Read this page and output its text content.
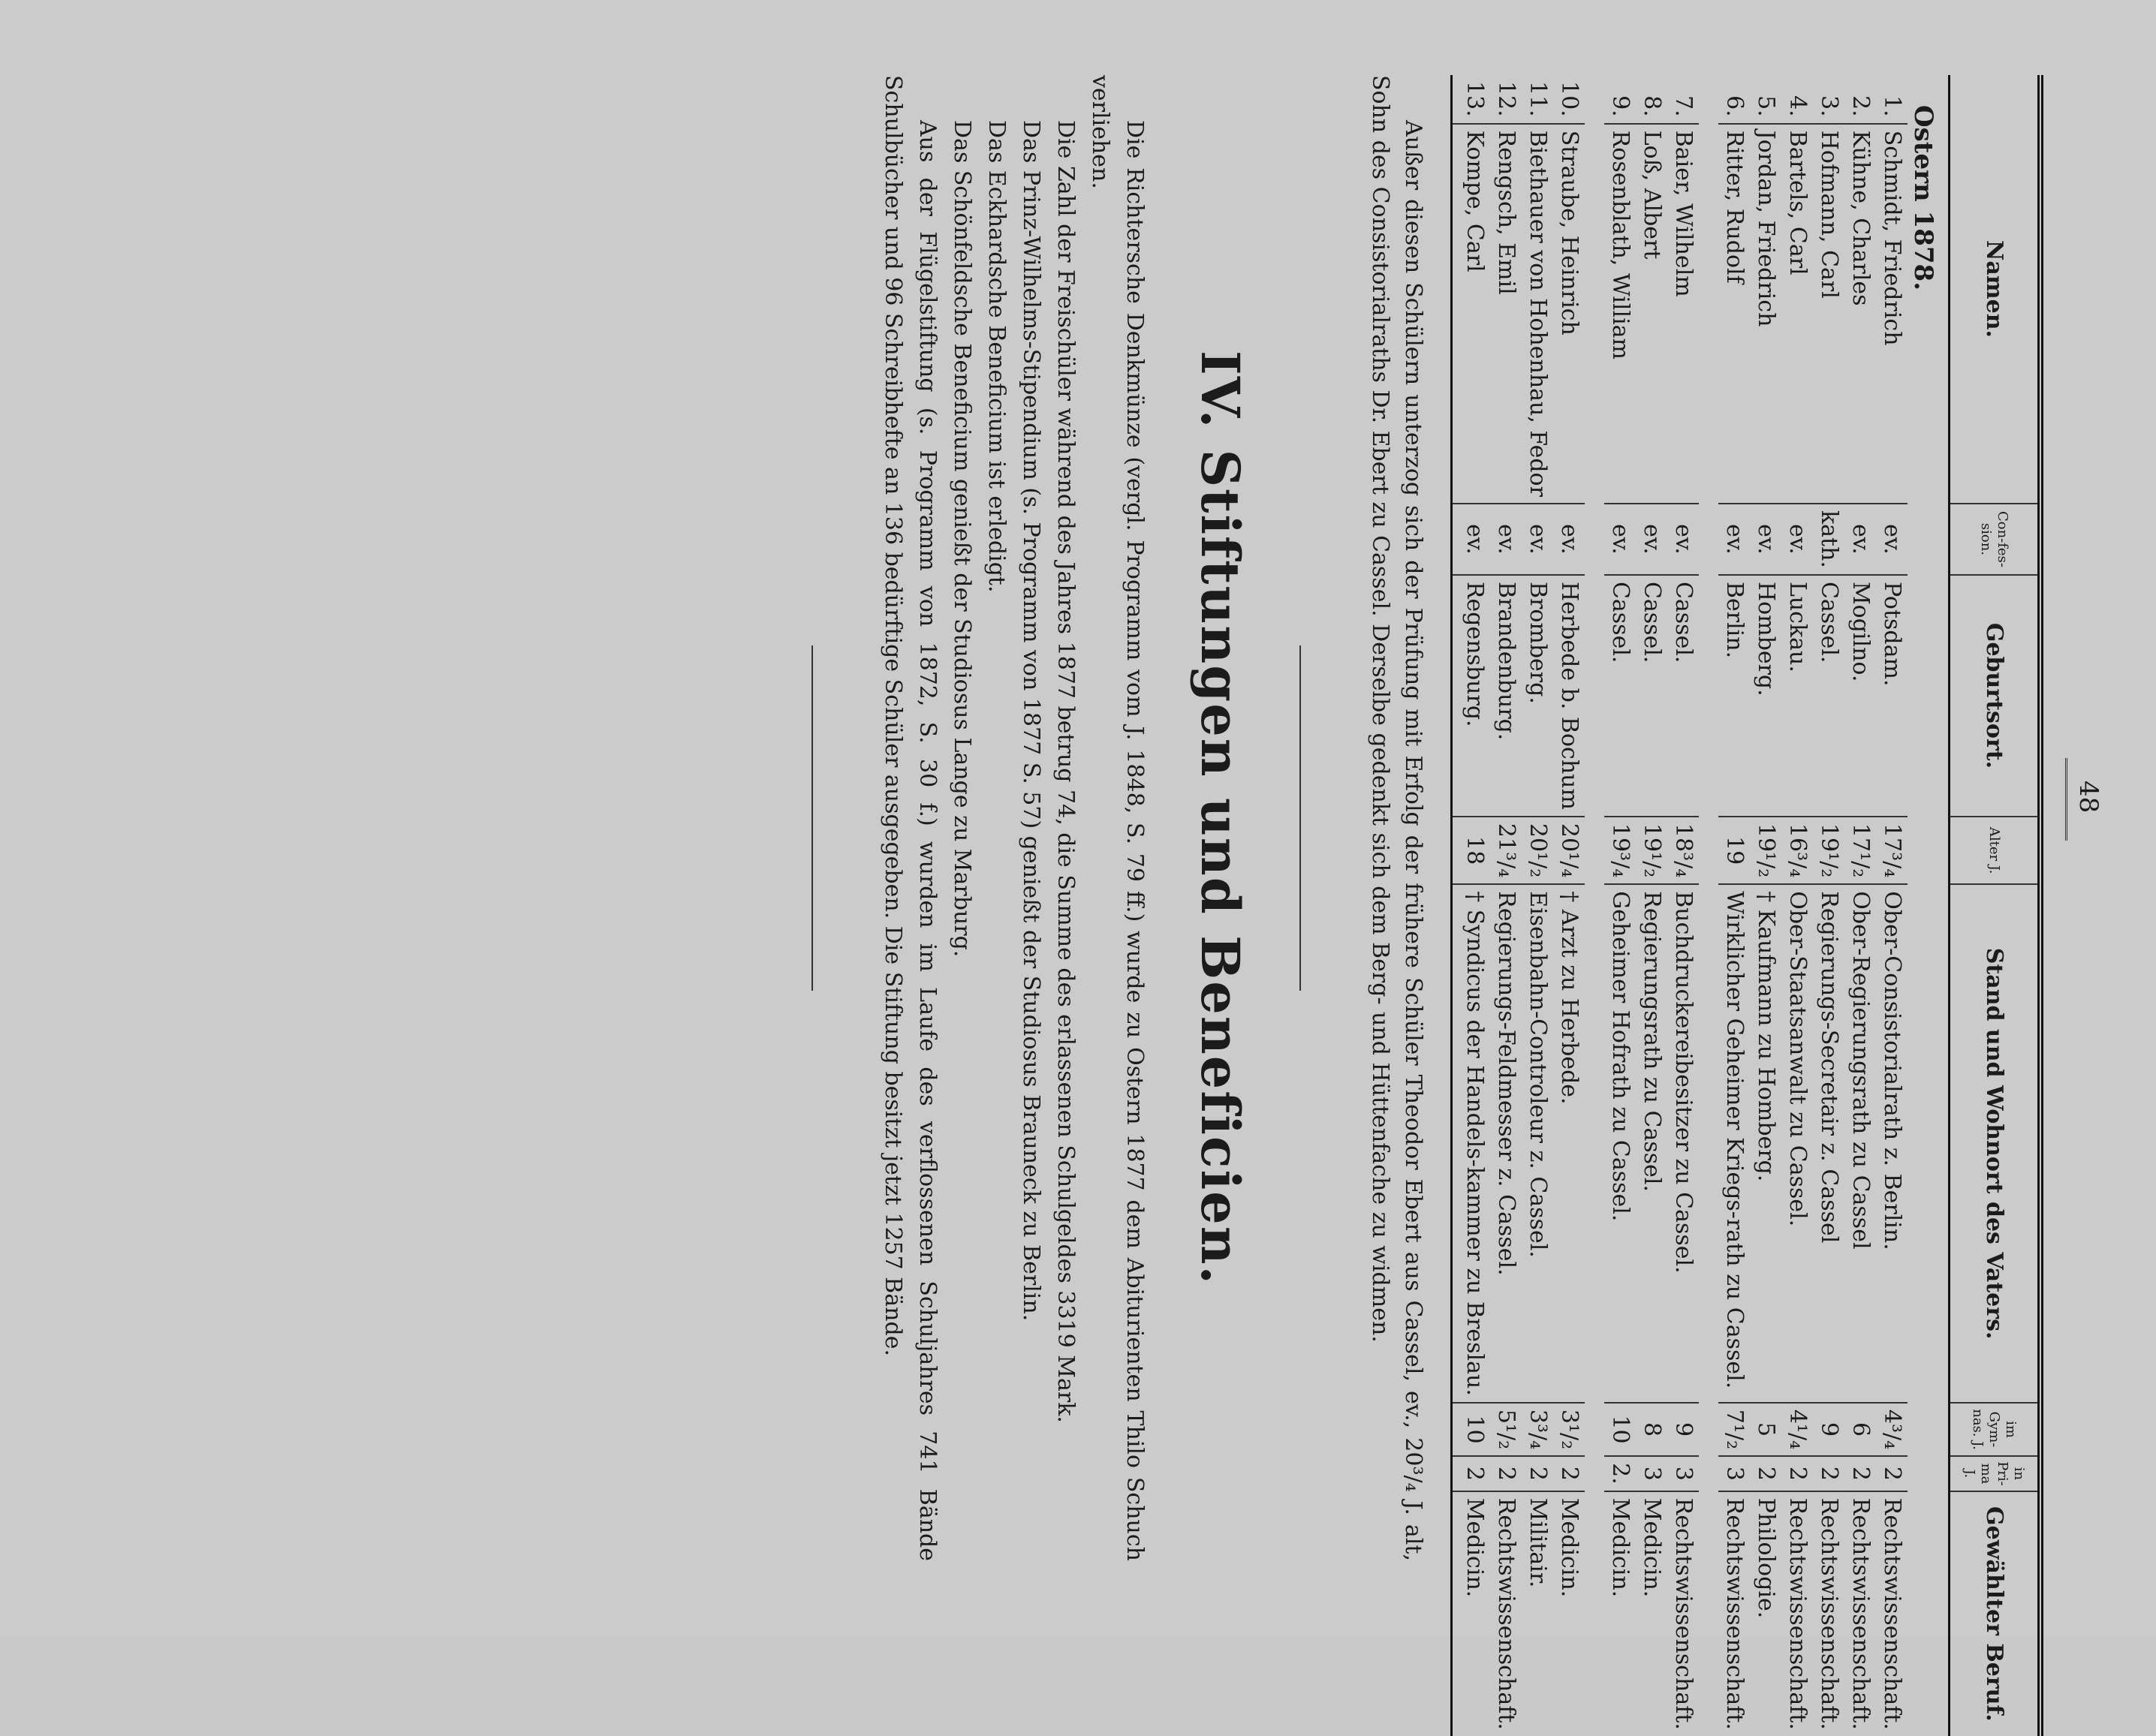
48
Namen.		Con-fes-sion.	Geburtsort.	Alter J.	Stand und Wohnort des Vaters.	im Gym-nas. J.	in Pri-ma J.	Gewählter Beruf.
Ostern 1878.								
1.	Schmidt, Friedrich	ev.	Potsdam.	17³/₄	Ober-Consistorialrath z. Berlin.	4³/₄	2	Rechtswissenschaft.
2.	Kühne, Charles	ev.	Mogilno.	17¹/₂	Ober-Regierungsrath zu Cassel	6	2	Rechtswissenschaft.
3.	Hofmann, Carl	kath.	Cassel.	19¹/₂	Regierungs-Secretair z. Cassel	9	2	Rechtswissenschaft.
4.	Bartels, Carl	ev.	Luckau.	16³/₄	Ober-Staatsanwalt zu Cassel.	4¹/₄	2	Rechtswissenschaft.
5.	Jordan, Friedrich	ev.	Homberg.	19¹/₂	† Kaufmann zu Homberg.	5	2	Philologie.
6.	Ritter, Rudolf	ev.	Berlin.	19	Wirklicher Geheimer Kriegs-rath zu Cassel.	7¹/₂	3	Rechtswissenschaft.

7.	Baier, Wilhelm	ev.	Cassel.	18³/₄	Buchdruckereibesitzer zu Cassel.	9	3	Rechtswissenschaft.
8.	Loß, Albert	ev.	Cassel.	19¹/₂	Regierungsrath zu Cassel.	8	3	Medicin.
9.	Rosenblath, William	ev.	Cassel.	19³/₄	Geheimer Hofrath zu Cassel.	10	2.	Medicin.

10.	Straube, Heinrich	ev.	Herbede b. Bochum	20¹/₄	† Arzt zu Herbede.	3¹/₂	2	Medicin.
11.	Biethauer von Hohenhau, Fedor	ev.	Bromberg.	20¹/₂	Eisenbahn-Controleur z. Cassel.	3³/₄	2	Militair.
12.	Rengsch, Emil	ev.	Brandenburg.	21³/₄	Regierungs-Feldmesser z. Cassel.	5¹/₂	2	Rechtswissenschaft.
13.	Kompe, Carl	ev.	Regensburg.	18	† Syndicus der Handels-kammer zu Breslau.	10	2	Medicin.

Außer diesen Schülern unterzog sich der Prüfung mit Erfolg der frühere Schüler Theodor Ebert aus Cassel, ev., 20³/₄ J. alt, Sohn des Consistorialraths Dr. Ebert zu Cassel. Derselbe gedenkt sich dem Berg- und Hüttenfache zu widmen.

IV. Stiftungen und Beneficien.

Die Richtersche Denkmünze (vergl. Programm vom J. 1848, S. 79 ff.) wurde zu Ostern 1877 dem Abiturienten Thilo Schuch verliehen.

Die Zahl der Freischüler während des Jahres 1877 betrug 74, die Summe des erlassenen Schulgeldes 3319 Mark.

Das Prinz-Wilhelms-Stipendium (s. Programm von 1877 S. 57) genießt der Studiosus Brauneck zu Berlin.

Das Eckhardsche Beneficium ist erledigt.

Das Schönfeldsche Beneficium genießt der Studiosus Lange zu Marburg.

Aus der Flügelstiftung (s. Programm von 1872, S. 30 f.) wurden im Laufe des verflossenen Schuljahres 741 Bände Schulbücher und 96 Schreibhefte an 136 bedürftige Schüler ausgegeben. Die Stiftung besitzt jetzt 1257 Bände.
